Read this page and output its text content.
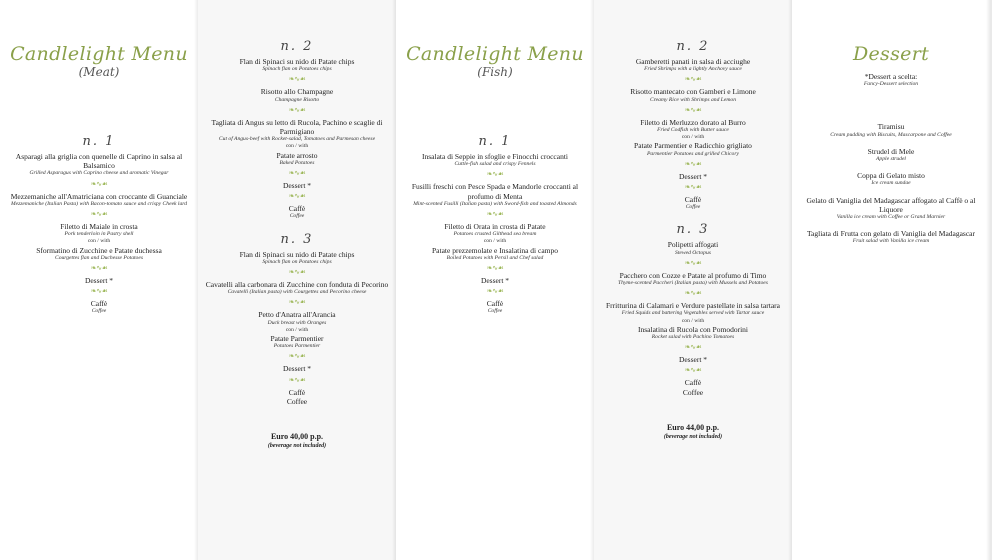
Candlelight Menu
(Meat)
n. 1
Asparagi alla griglia con quenelle di Caprino in salsa al Balsamico
Grilled Asparagus with Caprino cheese and aromatic Vinegar
❧∿☙
Mezzemaniche all'Amatriciana con croccante di Guanciale
Mezzemaniche (Italian Pasta) with Bacon-tomato sauce and crispy Cheek lard
❧∿☙
Filetto di Maiale in crosta
Pork tenderloin in Pastry shell
con / with
Sformatino di Zucchine e Patate duchessa
Courgettes flan and Duchesse Potatoes
❧∿☙
Dessert *
❧∿☙
Caffè
Coffee
n. 2
Flan di Spinaci su nido di Patate chips
Spinach flan on Potatoes chips
❧∿☙
Risotto allo Champagne
Champagne Risotto
❧∿☙
Tagliata di Angus su letto di Rucola, Pachino e scaglie di Parmigiano
Cut of Angus-beef with Rocket-salad, Tomatoes and Parmesan cheese
con / with
Patate arrosto
Baked Potatoes
❧∿☙
Dessert *
❧∿☙
Caffè
Coffee
n. 3
Flan di Spinaci su nido di Patate chips
Spinach flan on Potatoes chips
❧∿☙
Cavatelli alla carbonara di Zucchine con fonduta di Pecorino
Cavatelli (Italian pasta) with Courgettes and Pecorino cheese
❧∿☙
Petto d'Anatra all'Arancia
Duck breast with Oranges
con / with
Patate Parmentier
Potatoes Parmentier
❧∿☙
Dessert *
❧∿☙
Caffè
Coffee
Euro 40,00 p.p.
(beverage not included)
Candlelight Menu
(Fish)
n. 1
Insalata di Seppie in sfoglie e Finocchi croccanti
Cuttle-fish salad and crispy Fennels
❧∿☙
Fusilli freschi con Pesce Spada e Mandorle croccanti al profumo di Menta
Mint-scented Fusilli (Italian pasta) with Sword-fish and toasted Almonds
❧∿☙
Filetto di Orata in crosta di Patate
Potatoes crusted Gilthead sea bream
con / with
Patate prezzemolate e Insalatina di campo
Boiled Potatoes with Persil and Chef salad
❧∿☙
Dessert *
❧∿☙
Caffè
Coffee
n. 2
Gamberetti panati in salsa di acciughe
Fried Shrimps with a lightly Anchovy sauce
❧∿☙
Risotto mantecato con Gamberi e Limone
Creamy Rice with Shrimps and Lemon
❧∿☙
Filetto di Merluzzo dorato al Burro
Fried Codfish with Butter sauce
con / with
Patate Parmentier e Radicchio grigliato
Parmentier Potatoes and grilled Chicory
❧∿☙
Dessert *
❧∿☙
Caffè
Coffee
n. 3
Polipetti affogati
Stewed Octopus
❧∿☙
Pacchero con Cozze e Patate al profumo di Timo
Thyme-scented Paccheri (Italian pasta) with Mussels and Potatoes
❧∿☙
Frritturina di Calamari e Verdure pastellate in salsa tartara
Fried Squids and battering Vegetables served with Tartar sauce
con / with
Insalatina di Rucola con Pomodorini
Rocket salad with Pachino Tomatoes
❧∿☙
Dessert *
❧∿☙
Caffè
Coffee
Euro 44,00 p.p.
(beverage not included)
Dessert
*Dessert a scelta:
Fancy-Dessert selection
Tiramisu
Cream pudding with Biscuits, Mascarpone and Coffee
Strudel di Mele
Apple strudel
Coppa di Gelato misto
Ice cream sundae
Gelato di Vaniglia del Madagascar affogato al Caffè o al Liquore
Vanilla ice cream with Coffee or Grand Marnier
Tagliata di Frutta con gelato di Vaniglia del Madagascar
Fruit salad with Vanilla ice cream
